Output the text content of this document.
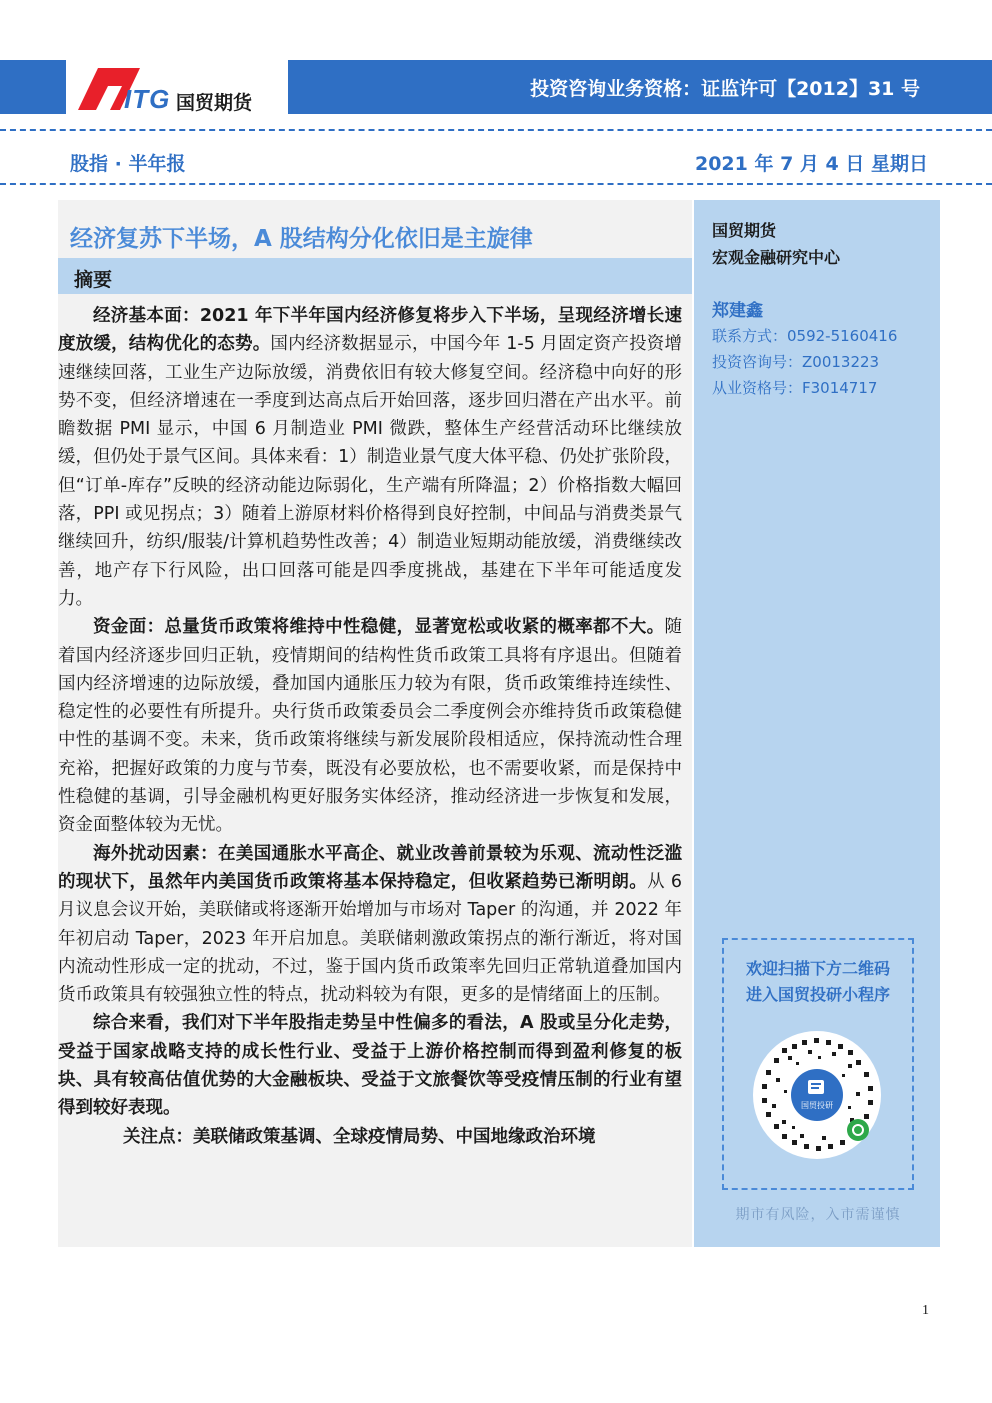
ITG 国贸期货
投资咨询业务资格：证监许可【2012】31 号
股指 · 半年报	2021 年 7 月 4 日 星期日
经济复苏下半场，A 股结构分化依旧是主旋律
摘要

经济基本面：2021 年下半年国内经济修复将步入下半场，呈现经济增长速度放缓，结构优化的态势。国内经济数据显示，中国今年 1-5 月固定资产投资增速继续回落，工业生产边际放缓，消费依旧有较大修复空间。经济稳中向好的形势不变，但经济增速在一季度到达高点后开始回落，逐步回归潜在产出水平。前瞻数据 PMI 显示，中国 6 月制造业 PMI 微跌，整体生产经营活动环比继续放缓，但仍处于景气区间。具体来看：1）制造业景气度大体平稳、仍处扩张阶段，但“订单-库存”反映的经济动能边际弱化，生产端有所降温；2）价格指数大幅回落，PPI 或见拐点；3）随着上游原材料价格得到良好控制，中间品与消费类景气继续回升，纺织/服装/计算机趋势性改善；4）制造业短期动能放缓，消费继续改善，地产存下行风险，出口回落可能是四季度挑战，基建在下半年可能适度发力。

资金面：总量货币政策将维持中性稳健，显著宽松或收紧的概率都不大。随着国内经济逐步回归正轨，疫情期间的结构性货币政策工具将有序退出。但随着国内经济增速的边际放缓，叠加国内通胀压力较为有限，货币政策维持连续性、稳定性的必要性有所提升。央行货币政策委员会二季度例会亦维持货币政策稳健中性的基调不变。未来，货币政策将继续与新发展阶段相适应，保持流动性合理充裕，把握好政策的力度与节奏，既没有必要放松，也不需要收紧，而是保持中性稳健的基调，引导金融机构更好服务实体经济，推动经济进一步恢复和发展，资金面整体较为无忧。

海外扰动因素：在美国通胀水平高企、就业改善前景较为乐观、流动性泛滥的现状下，虽然年内美国货币政策将基本保持稳定，但收紧趋势已渐明朗。从 6 月议息会议开始，美联储或将逐渐开始增加与市场对 Taper 的沟通，并 2022 年年初启动 Taper，2023 年开启加息。美联储刺激政策拐点的渐行渐近，将对国内流动性形成一定的扰动，不过，鉴于国内货币政策率先回归正常轨道叠加国内货币政策具有较强独立性的特点，扰动料较为有限，更多的是情绪面上的压制。

综合来看，我们对下半年股指走势呈中性偏多的看法，A 股或呈分化走势，受益于国家战略支持的成长性行业、受益于上游价格控制而得到盈利修复的板块、具有较高估值优势的大金融板块、受益于文旅餐饮等受疫情压制的行业有望得到较好表现。

关注点：美联储政策基调、全球疫情局势、中国地缘政治环境

国贸期货
宏观金融研究中心
郑建鑫
联系方式：0592-5160416
投资咨询号：Z0013223
从业资格号：F3014717
欢迎扫描下方二维码
进入国贸投研小程序
国贸投研
期市有风险，入市需谨慎
1
